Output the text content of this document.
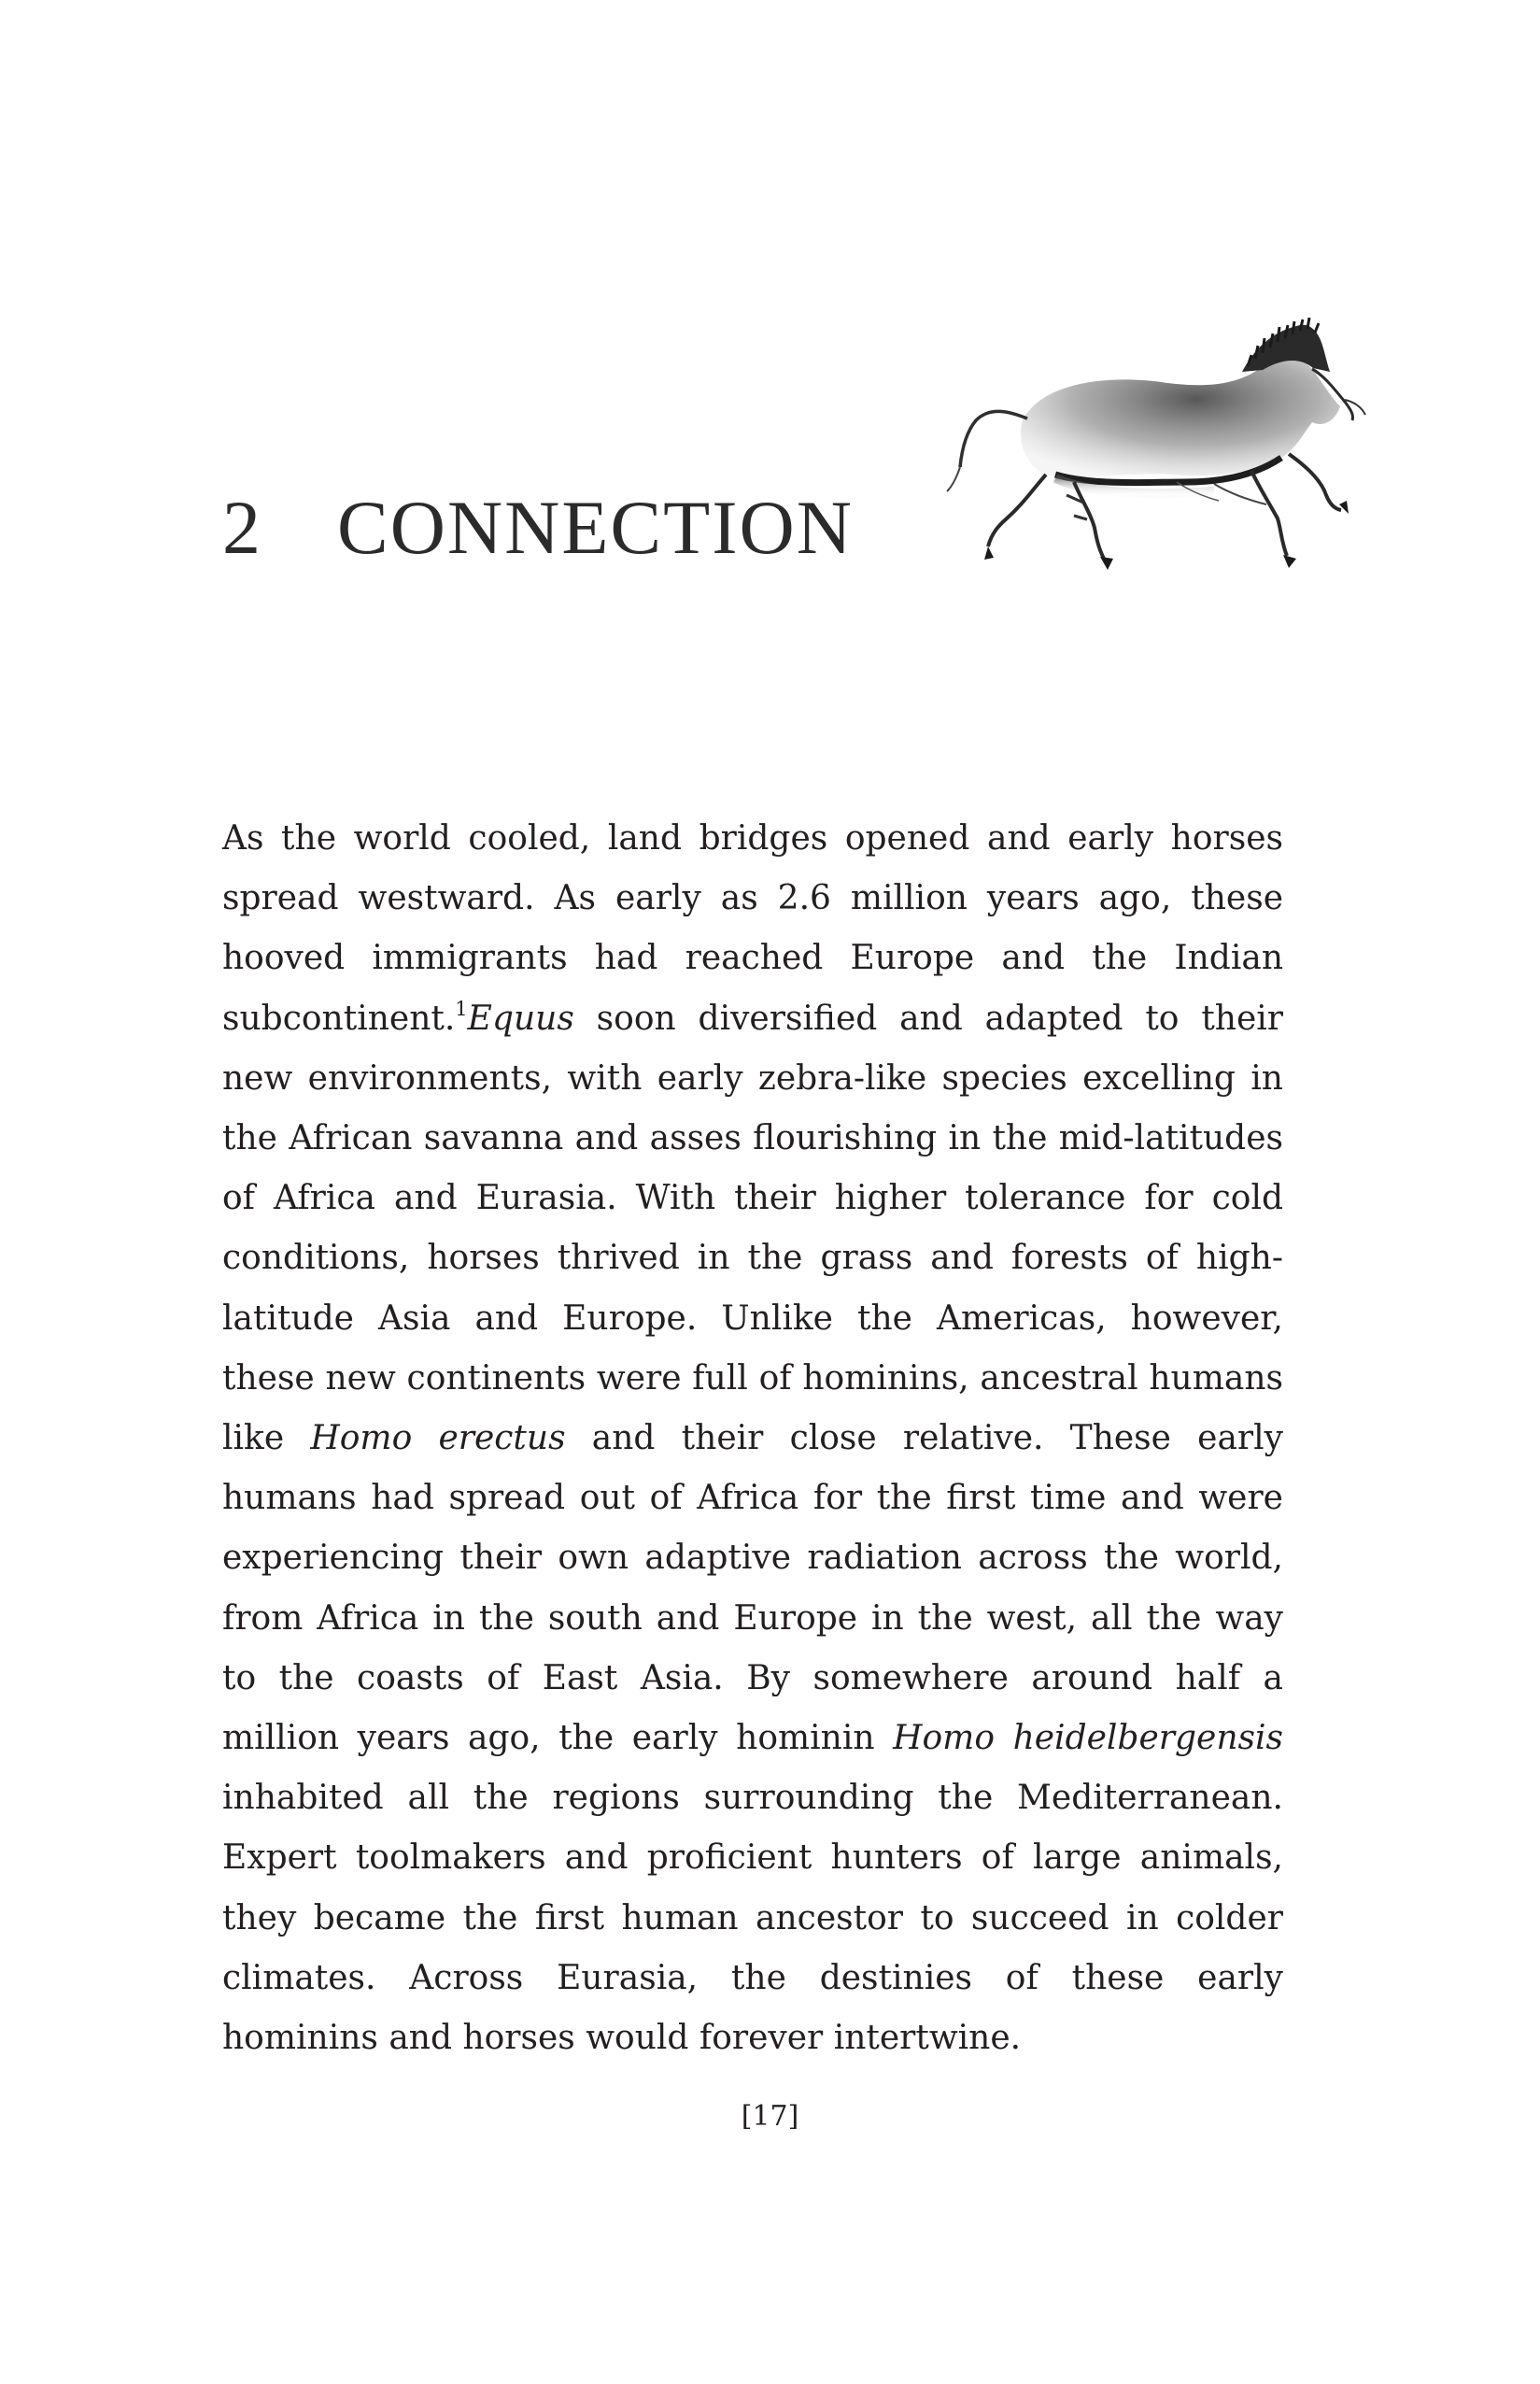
2 CONNECTION

As the world cooled, land bridges opened and early horses spread westward. As early as 2.6 million years ago, these hooved immigrants had reached Europe and the Indian subcontinent.$^1$Equus soon diversified and adapted to their new environments, with early zebra-like species excelling in the African savanna and asses flourishing in the mid-latitudes of Africa and Eurasia. With their higher tolerance for cold conditions, horses thrived in the grass and forests of high-latitude Asia and Europe. Unlike the Americas, however, these new continents were full of hominins, ancestral humans like Homo erectus and their close relative. These early humans had spread out of Africa for the first time and were experiencing their own adaptive radiation across the world, from Africa in the south and Europe in the west, all the way to the coasts of East Asia. By somewhere around half a million years ago, the early hominin Homo heidelbergensis inhabited all the regions surrounding the Mediterranean. Expert toolmakers and proficient hunters of large animals, they became the first human ancestor to succeed in colder climates. Across Eurasia, the destinies of these early hominins and horses would forever intertwine.

[17]
